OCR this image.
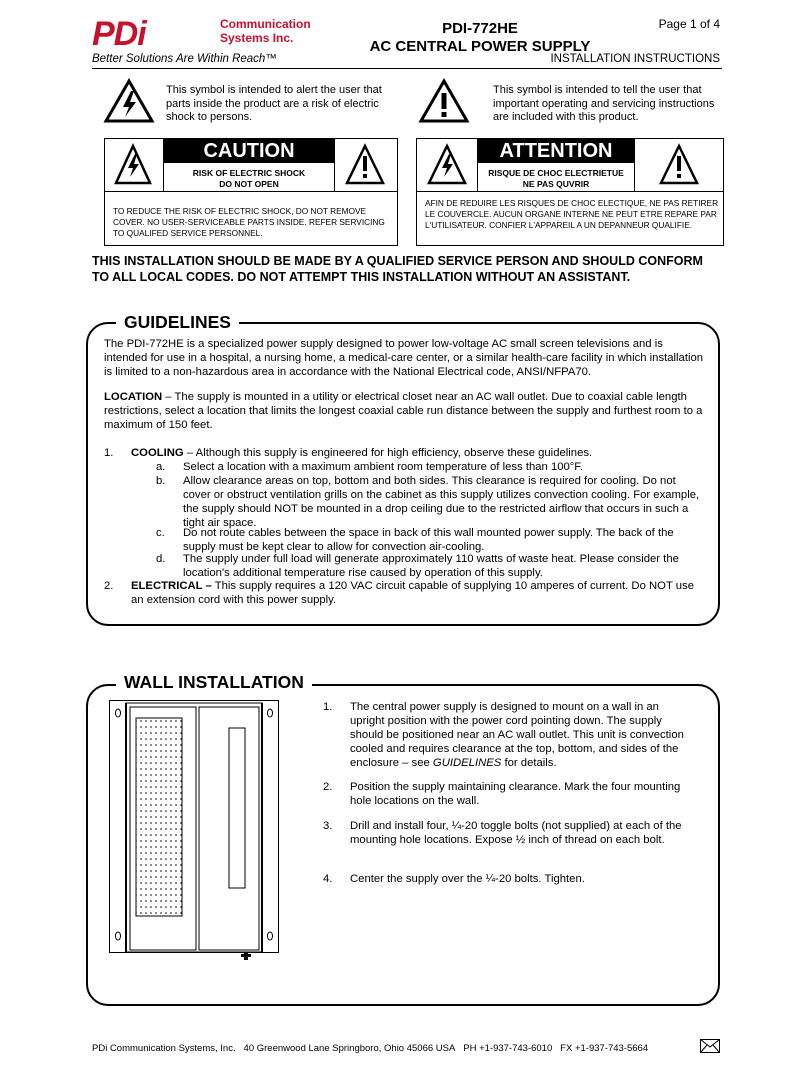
PDi	Communication
Systems Inc.
PDI-772HE
AC CENTRAL POWER SUPPLY
Page 1 of 4
Better Solutions Are Within Reach™	INSTALLATION INSTRUCTIONS
This symbol is intended to alert the user that parts inside the product are a risk of electric shock to persons.
This symbol is intended to tell the user that important operating and servicing instructions are included with this product.
CAUTION
RISK OF ELECTRIC SHOCK
DO NOT OPEN
TO REDUCE THE RISK OF ELECTRIC SHOCK, DO NOT REMOVE COVER. NO USER-SERVICEABLE PARTS INSIDE. REFER SERVICING TO QUALIFED SERVICE PERSONNEL.
ATTENTION
RISQUE DE CHOC ELECTRIETUE
NE PAS QUVRIR
AFIN DE REDUIRE LES RISQUES DE CHOC ELECTIQUE, NE PAS RETIRER LE COUVERCLE. AUCUN ORGANE INTERNE NE PEUT ETRE REPARE PAR L'UTILISATEUR. CONFIER L'APPAREIL A UN DEPANNEUR QUALIFIE.
THIS INSTALLATION SHOULD BE MADE BY A QUALIFIED SERVICE PERSON AND SHOULD CONFORM TO ALL LOCAL CODES. DO NOT ATTEMPT THIS INSTALLATION WITHOUT AN ASSISTANT.
GUIDELINES
The PDI-772HE is a specialized power supply designed to power low-voltage AC small screen televisions and is intended for use in a hospital, a nursing home, a medical-care center, or a similar health-care facility in which installation is limited to a non-hazardous area in accordance with the National Electrical code, ANSI/NFPA70.
LOCATION – The supply is mounted in a utility or electrical closet near an AC wall outlet. Due to coaxial cable length restrictions, select a location that limits the longest coaxial cable run distance between the supply and furthest room to a maximum of 150 feet.
1. COOLING – Although this supply is engineered for high efficiency, observe these guidelines.
a. Select a location with a maximum ambient room temperature of less than 100°F.
b. Allow clearance areas on top, bottom and both sides. This clearance is required for cooling. Do not cover or obstruct ventilation grills on the cabinet as this supply utilizes convection cooling. For example, the supply should NOT be mounted in a drop ceiling due to the restricted airflow that occurs in such a tight air space.
c. Do not route cables between the space in back of this wall mounted power supply. The back of the supply must be kept clear to allow for convection air-cooling.
d. The supply under full load will generate approximately 110 watts of waste heat. Please consider the location's additional temperature rise caused by operation of this supply.
2. ELECTRICAL – This supply requires a 120 VAC circuit capable of supplying 10 amperes of current. Do NOT use an extension cord with this power supply.
WALL INSTALLATION
1. The central power supply is designed to mount on a wall in an upright position with the power cord pointing down. The supply should be positioned near an AC wall outlet. This unit is convection cooled and requires clearance at the top, bottom, and sides of the enclosure – see GUIDELINES for details.
2. Position the supply maintaining clearance. Mark the four mounting hole locations on the wall.
3. Drill and install four, ¼-20 toggle bolts (not supplied) at each of the mounting hole locations. Expose ½ inch of thread on each bolt.
4. Center the supply over the ¼-20 bolts. Tighten.
PDi Communication Systems, Inc. 40 Greenwood Lane Springboro, Ohio 45066 USA PH +1-937-743-6010 FX +1-937-743-5664
